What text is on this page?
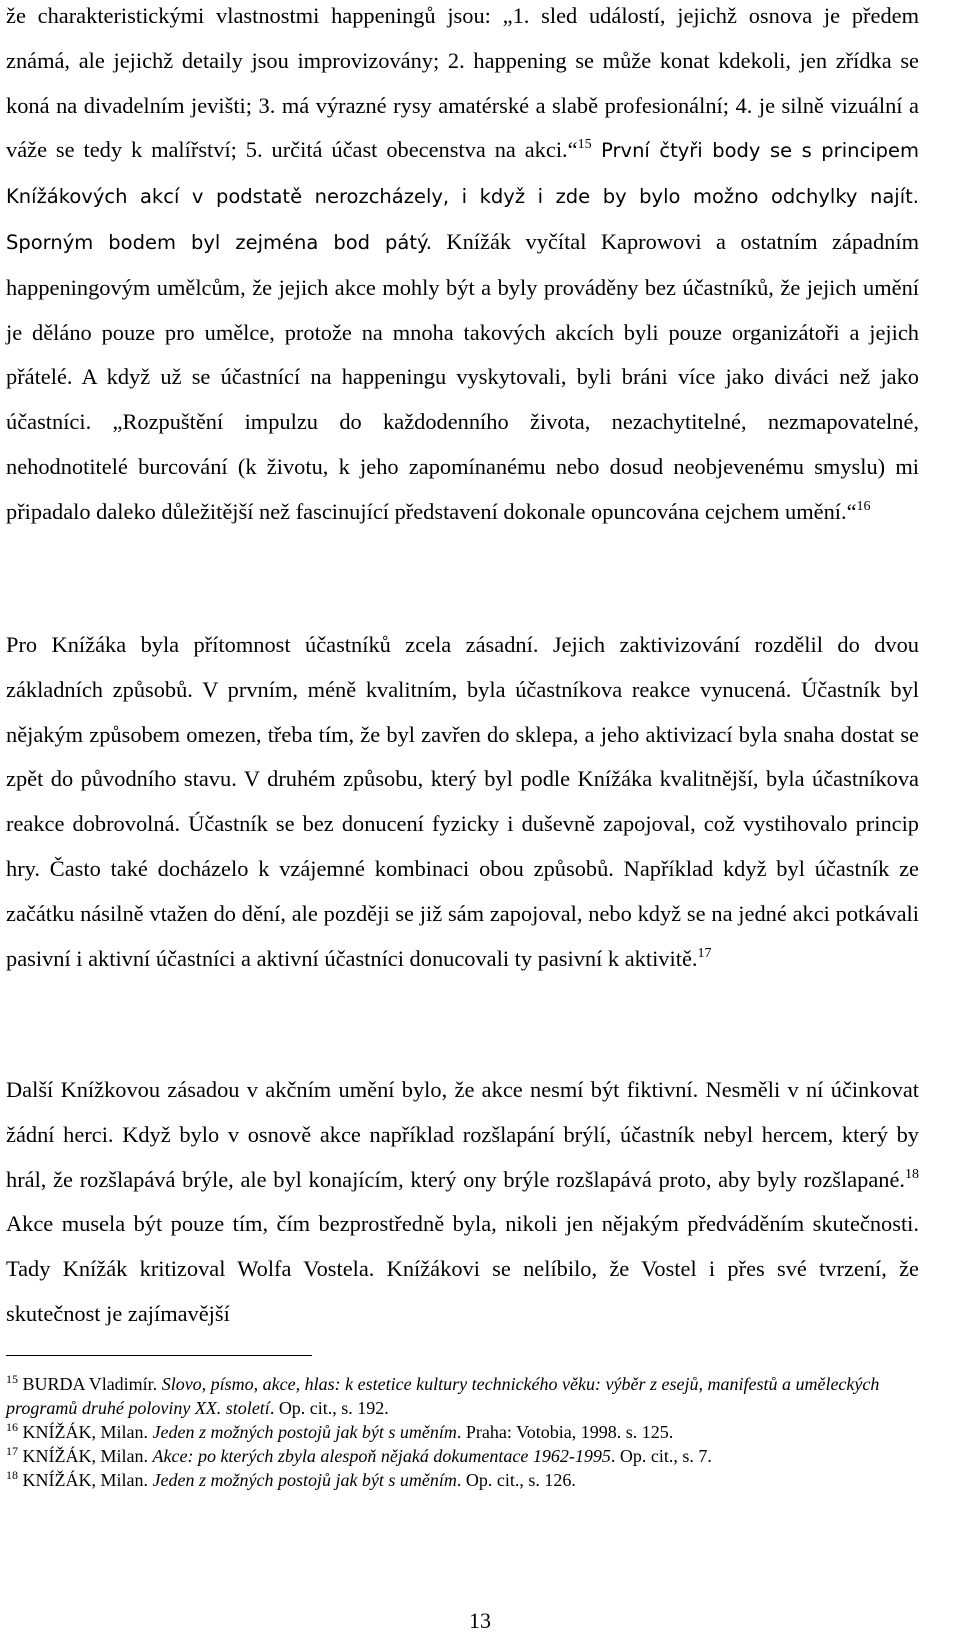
že charakteristickými vlastnostmi happeningů jsou: „1. sled událostí, jejichž osnova je předem známá, ale jejichž detaily jsou improvizovány; 2. happening se může konat kdekoli, jen zřídka se koná na divadelním jevišti; 3. má výrazné rysy amatérské a slabě profesionální; 4. je silně vizuální a váže se tedy k malířství; 5. určitá účast obecenstva na akci.“$^{15}$ První čtyři body se s principem Knížákových akcí v podstatě nerozcházely, i když i zde by bylo možno odchylky najít. Sporným bodem byl zejména bod pátý. Knížák vyčítal Kaprowovi a ostatním západním happeningovým umělcům, že jejich akce mohly být a byly prováděny bez účastníků, že jejich umění je děláno pouze pro umělce, protože na mnoha takových akcích byli pouze organizátoři a jejich přátelé. A když už se účastnící na happeningu vyskytovali, byli bráni více jako diváci než jako účastníci. „Rozpuštění impulzu do každodenního života, nezachytitelné, nezmapovatelné, nehodnotitelé burcování (k životu, k jeho zapomínanému nebo dosud neobjevenému smyslu) mi připadalo daleko důležitější než fascinující představení dokonale opuncována cejchem umění.“$^{16}$

Pro Knížáka byla přítomnost účastníků zcela zásadní. Jejich zaktivizování rozdělil do dvou základních způsobů. V prvním, méně kvalitním, byla účastníkova reakce vynucená. Účastník byl nějakým způsobem omezen, třeba tím, že byl zavřen do sklepa, a jeho aktivizací byla snaha dostat se zpět do původního stavu. V druhém způsobu, který byl podle Knížáka kvalitnější, byla účastníkova reakce dobrovolná. Účastník se bez donucení fyzicky i duševně zapojoval, což vystihovalo princip hry. Často také docházelo k vzájemné kombinaci obou způsobů. Například když byl účastník ze začátku násilně vtažen do dění, ale později se již sám zapojoval, nebo když se na jedné akci potkávali pasivní i aktivní účastníci a aktivní účastníci donucovali ty pasivní k aktivitě.$^{17}$

Další Knížkovou zásadou v akčním umění bylo, že akce nesmí být fiktivní. Nesměli v ní účinkovat žádní herci. Když bylo v osnově akce například rozšlapání brýlí, účastník nebyl hercem, který by hrál, že rozšlapává brýle, ale byl konajícím, který ony brýle rozšlapává proto, aby byly rozšlapané.$^{18}$ Akce musela být pouze tím, čím bezprostředně byla, nikoli jen nějakým předváděním skutečnosti. Tady Knížák kritizoval Wolfa Vostela. Knížákovi se nelíbilo, že Vostel i přes své tvrzení, že skutečnost je zajímavější

$^{15}$ BURDA Vladimír. Slovo, písmo, akce, hlas: k estetice kultury technického věku: výběr z esejů, manifestů a uměleckých programů druhé poloviny XX. století. Op. cit., s. 192.
$^{16}$ KNÍŽÁK, Milan. Jeden z možných postojů jak být s uměním. Praha: Votobia, 1998. s. 125.
$^{17}$ KNÍŽÁK, Milan. Akce: po kterých zbyla alespoň nějaká dokumentace 1962-1995. Op. cit., s. 7.
$^{18}$ KNÍŽÁK, Milan. Jeden z možných postojů jak být s uměním. Op. cit., s. 126.
13
